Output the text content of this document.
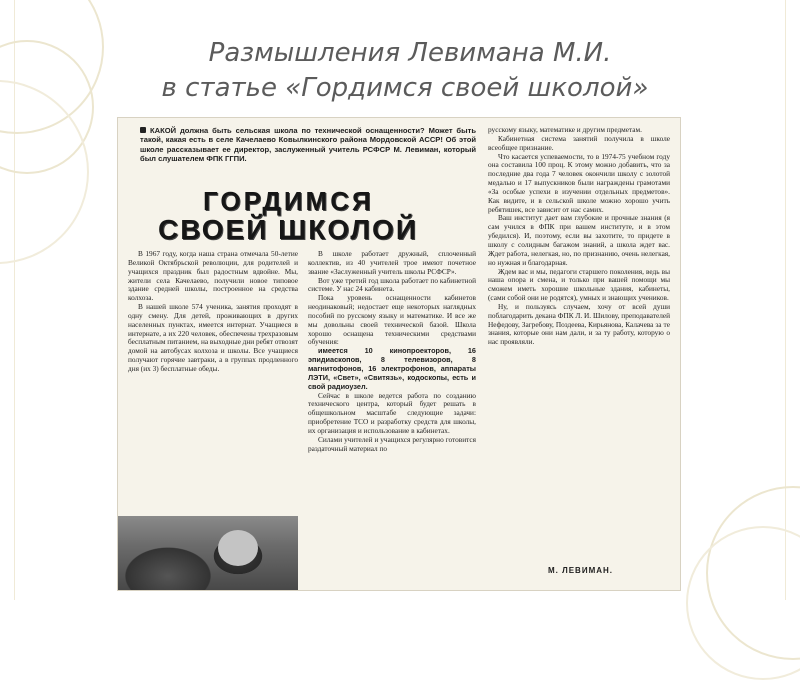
Размышления Левимана М.И.
в статье «Гордимся своей школой»
КАКОЙ должна быть сельская школа по технической оснащенности? Может быть такой, какая есть в селе Качелаево Ковылкинского района Мордовской АССР! Об этой школе рассказывает ее директор, заслуженный учитель РСФСР М. Левиман, который был слушателем ФПК ГГПИ.
ГОРДИМСЯ
СВОЕЙ ШКОЛОЙ

В 1967 году, когда наша страна отмечала 50-летие Великой Октябрьской революции, для родителей и учащихся праздник был радостным вдвойне. Мы, жители села Качелаево, получили новое типовое здание средней школы, построенное на средства колхоза.

В нашей школе 574 ученика, занятия проходят в одну смену. Для детей, проживающих в других населенных пунктах, имеется интернат. Учащиеся в интернате, а их 220 человек, обеспечены трехразовым бесплатным питанием, на выходные дни ребят отвозят домой на автобусах колхоза и школы. Все учащиеся получают горячие завтраки, а в группах продленного дня (их 3) бесплатные обеды.

В школе работает дружный, сплоченный коллектив, из 40 учителей трое имеют почетное звание «Заслуженный учитель школы РСФСР».

Вот уже третий год школа работает по кабинетной системе. У нас 24 кабинета.

Пока уровень оснащенности кабинетов неодинаковый; недостает еще некоторых наглядных пособий по русскому языку и математике. И все же мы довольны своей технической базой. Школа хорошо оснащена техническими средствами обучения:

имеется 10 кинопроекторов, 16 эпидиаскопов, 8 телевизоров, 8 магнитофонов, 16 электрофонов, аппараты ЛЭТИ, «Свет», «Свитязь», кодоскопы, есть и свой радиоузел.

Сейчас в школе ведется работа по созданию технического центра, который будет решать в общешкольном масштабе следующие задачи: приобретение ТСО и разработку средств для школы, их организация и использование в кабинетах.

Силами учителей и учащихся регулярно готовится раздаточный материал по

русскому языку, математике и другим предметам.

Кабинетная система занятий получила в школе всеобщее признание.

Что касается успеваемости, то в 1974-75 учебном году она составила 100 проц. К этому можно добавить, что за последние два года 7 человек окончили школу с золотой медалью и 17 выпускников были награждены грамотами «За особые успехи в изучении отдельных предметов». Как видите, и в сельской школе можно хорошо учить ребятишек, все зависит от нас самих.

Ваш институт дает вам глубокие и прочные знания (я сам учился в ФПК при вашем институте, и в этом убедился). И, поэтому, если вы захотите, то придете в школу с солидным багажом знаний, а школа ждет вас. Ждет работа, нелегкая, но, по признанию, очень нелегкая, но нужная и благодарная.

Ждем вас и мы, педагоги старшего поколения, ведь вы наша опора и смена, и только при вашей помощи мы сможем иметь хорошие школьные здания, кабинеты, (сами собой они не родятся), умных и знающих учеников.

Ну, и пользуясь случаем, хочу от всей души поблагодарить декана ФПК Л. И. Шилову, преподавателей Нефедову, Загребову, Поздеева, Кирьянова, Калачева за те знания, которые они нам дали, и за ту работу, которую о нас проявляли.

М. ЛЕВИМАН.
